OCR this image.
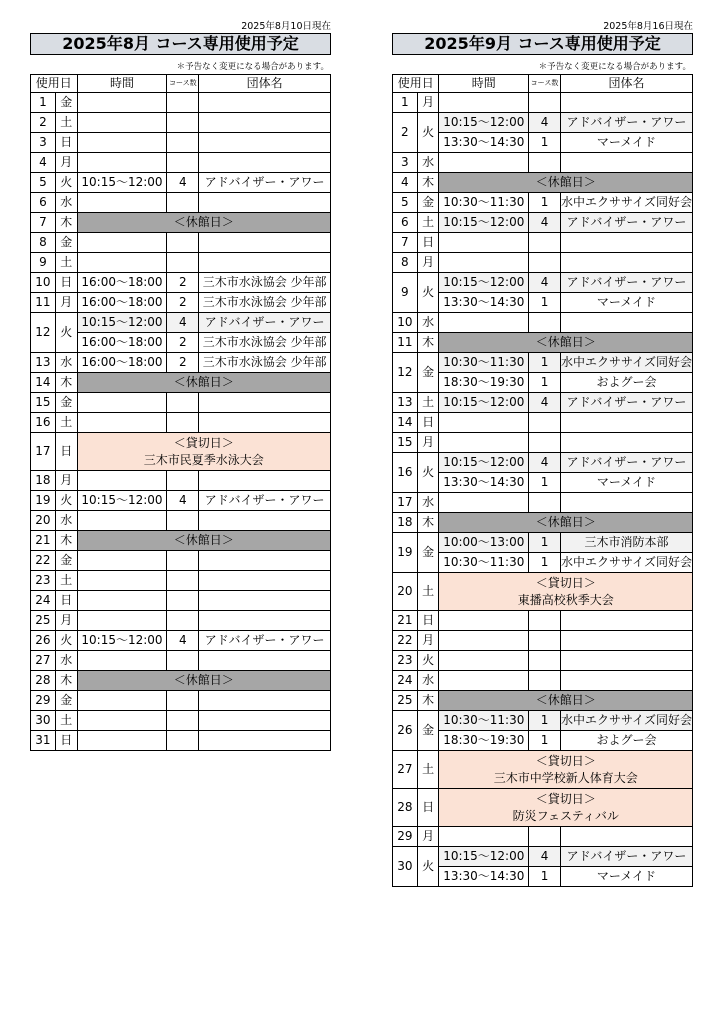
2025年8月10日現在
2025年8月 コース専用使用予定
＊予告なく変更になる場合があります。
使用日		時間	コース数	団体名
1	金			
2	土			
3	日			
4	月			
5	火	10:15～12:00	4	アドバイザー・アワー
6	水			
7	木	＜休館日＞		
8	金			
9	土			
10	日	16:00～18:00	2	三木市水泳協会 少年部
11	月	16:00～18:00	2	三木市水泳協会 少年部
12	火	10:15～12:00	4	アドバイザー・アワー
		16:00～18:00	2	三木市水泳協会 少年部
13	水	16:00～18:00	2	三木市水泳協会 少年部
14	木	＜休館日＞		
15	金			
16	土			
17	日	＜貸切日＞
三木市民夏季水泳大会		

18	月			
19	火	10:15～12:00	4	アドバイザー・アワー
20	水			
21	木	＜休館日＞		
22	金			
23	土			
24	日			
25	月			
26	火	10:15～12:00	4	アドバイザー・アワー
27	水			
28	木	＜休館日＞		
29	金			
30	土			
31	日			
2025年8月16日現在
2025年9月 コース専用使用予定
＊予告なく変更になる場合があります。
使用日		時間	コース数	団体名
1	月			
2	火	10:15～12:00	4	アドバイザー・アワー
		13:30～14:30	1	マーメイド
3	水			
4	木	＜休館日＞		
5	金	10:30～11:30	1	水中エクササイズ同好会
6	土	10:15～12:00	4	アドバイザー・アワー
7	日			
8	月			
9	火	10:15～12:00	4	アドバイザー・アワー
		13:30～14:30	1	マーメイド
10	水			
11	木	＜休館日＞		
12	金	10:30～11:30	1	水中エクササイズ同好会
		18:30～19:30	1	およグー会
13	土	10:15～12:00	4	アドバイザー・アワー
14	日			
15	月			
16	火	10:15～12:00	4	アドバイザー・アワー
		13:30～14:30	1	マーメイド
17	水			
18	木	＜休館日＞		
19	金	10:00～13:00	1	三木市消防本部
		10:30～11:30	1	水中エクササイズ同好会
20	土	＜貸切日＞
東播高校秋季大会		

21	日			
22	月			
23	火			
24	水			
25	木	＜休館日＞		
26	金	10:30～11:30	1	水中エクササイズ同好会
		18:30～19:30	1	およグー会
27	土	＜貸切日＞
三木市中学校新人体育大会		

28	日	＜貸切日＞
防災フェスティバル		

29	月			
30	火	10:15～12:00	4	アドバイザー・アワー
		13:30～14:30	1	マーメイド
